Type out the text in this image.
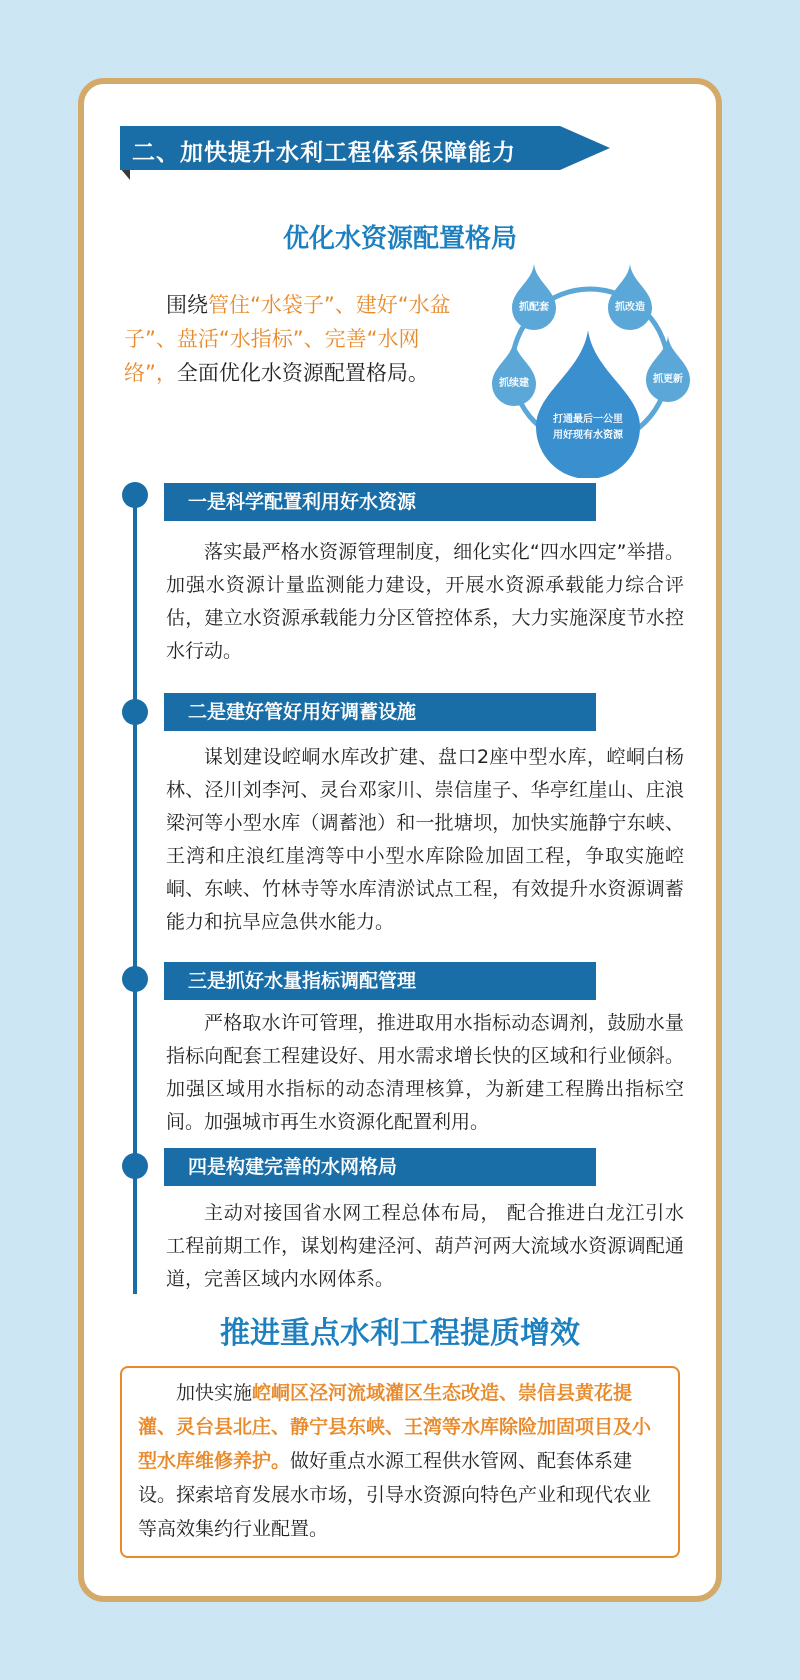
二、加快提升水利工程体系保障能力
优化水资源配置格局
围绕管住“水袋子”、建好“水盆子”、盘活“水指标”、完善“水网络”，全面优化水资源配置格局。
抓配套	抓改造
抓续建	抓更新
打通最后一公里
用好现有水资源
一是科学配置利用好水资源
落实最严格水资源管理制度，细化实化“四水四定”举措。加强水资源计量监测能力建设，开展水资源承载能力综合评估，建立水资源承载能力分区管控体系，大力实施深度节水控水行动。
二是建好管好用好调蓄设施
谋划建设崆峒水库改扩建、盘口2座中型水库，崆峒白杨林、泾川刘李河、灵台邓家川、崇信崖子、华亭红崖山、庄浪梁河等小型水库（调蓄池）和一批塘坝，加快实施静宁东峡、王湾和庄浪红崖湾等中小型水库除险加固工程，争取实施崆峒、东峡、竹林寺等水库清淤试点工程，有效提升水资源调蓄能力和抗旱应急供水能力。
三是抓好水量指标调配管理
严格取水许可管理，推进取用水指标动态调剂，鼓励水量指标向配套工程建设好、用水需求增长快的区域和行业倾斜。加强区域用水指标的动态清理核算，为新建工程腾出指标空间。加强城市再生水资源化配置利用。
四是构建完善的水网格局
主动对接国省水网工程总体布局， 配合推进白龙江引水工程前期工作，谋划构建泾河、葫芦河两大流域水资源调配通道，完善区域内水网体系。
推进重点水利工程提质增效
加快实施崆峒区泾河流域灌区生态改造、崇信县黄花提灌、灵台县北庄、静宁县东峡、王湾等水库除险加固项目及小型水库维修养护。做好重点水源工程供水管网、配套体系建设。探索培育发展水市场，引导水资源向特色产业和现代农业等高效集约行业配置。
